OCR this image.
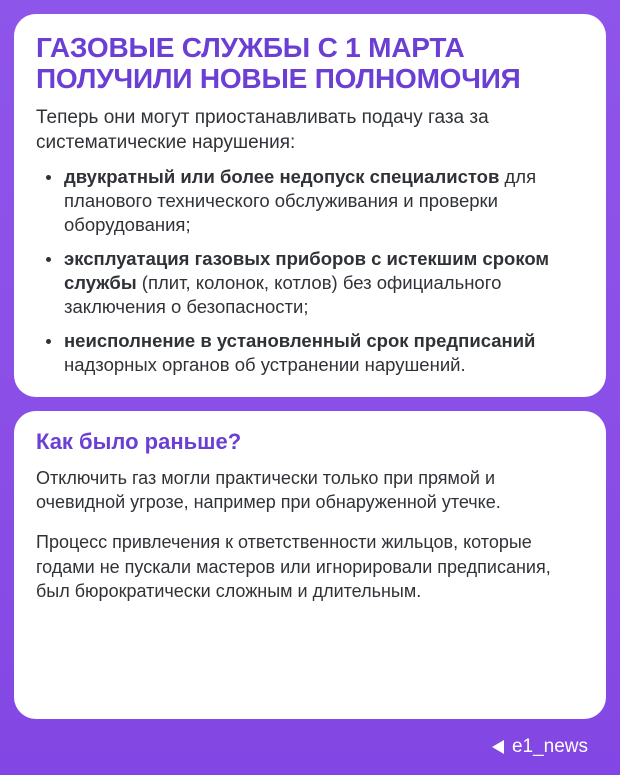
ГАЗОВЫЕ СЛУЖБЫ С 1 МАРТА
ПОЛУЧИЛИ НОВЫЕ ПОЛНОМОЧИЯ

Теперь они могут приостанавливать подачу газа за систематические нарушения:

двукратный или более недопуск специалистов для планового технического обслуживания и проверки оборудования;
эксплуатация газовых приборов с истекшим сроком службы (плит, колонок, котлов) без официального заключения о безопасности;
неисполнение в установленный срок предписаний надзорных органов об устранении нарушений.
Как было раньше?

Отключить газ могли практически только при прямой и очевидной угрозе, например при обнаруженной утечке.

Процесс привлечения к ответственности жильцов, которые годами не пускали мастеров или игнорировали предписания, был бюрократически сложным и длительным.

e1_news
